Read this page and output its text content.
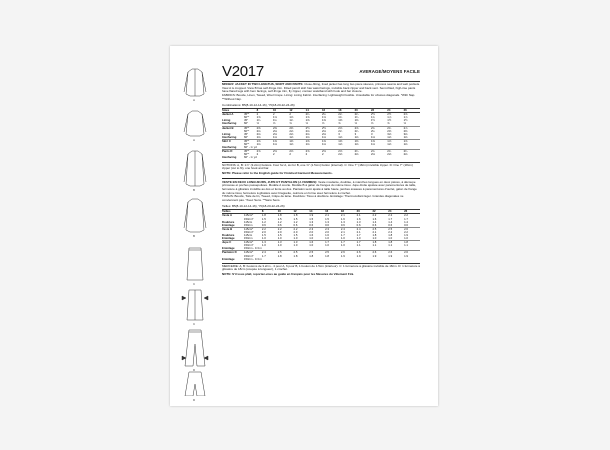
A
A
B
B
C
C
D
D
V2017	AVERAGE/MOYENS FACILE

MISSES' JACKET IN TWO LENGTHS, SKIRT AND PANTS: Close-fitting, lined jacket has long two piece sleeves, princess seams and welt pockets. View A is cropped. View B has self-fringe trim. Fitted pencil skirt has waist facings, invisible back zipper and back vent. Semi-fitted, high-rise pants have flared legs with hem facings, self-fringe trim, fly zipper, contour waistband with hook and bar closure.

FABRICS: Boucle, Linen, Tweed, Wool Crepe. Lining: Lining Fabric. Interfacing: Lightweight Fusible. Unsuitable for obvious diagonals. *With Nap. **Without Nap.

Combinations: B5(8-10-12-14-16), Y5(18-20-22-24-26)
Sizes		8	10	12	14	16	18	20	22	24	26
Jacket A	45"*	2	2	2	2¼	2¼	2¼	2¼	2½	2½	2⅝
	60"*	1⅝	1⅝	1⅝	1⅝	1⅝	1¾	1¾	1¾	1⅞	1⅞
Lining	45"	1¼	1¼	1¼	1⅜	1⅜	1⅜	1⅜	1½	1½	1½
Interfacing	60"	⅝	⅝	⅝	⅝	⅝	⅝	⅝	⅝	⅝	⅝
Jacket B	45"*	2⅜	2⅜	2⅜	2½	2½	2⅝	2⅝	2¾	2¾	2⅞
	60"*	2⅛	2⅛	2⅛	2⅛	2⅛	2¼	2¼	2¼	2⅜	2⅜
Lining	45"	2⅛	2⅛	2⅛	2⅛	2⅛	3	3	3	3⅛	3⅛
Interfacing	60"	1⅛	1⅛	1⅛	1⅛	1⅛	1⅛	1⅛	1⅛	1⅛	1⅛
Skirt C	45"*	1⅜	1⅜	1⅜	1⅜	1⅜	1⅜	1⅜	1⅜	1⅝	1⅝
	60"*	1⅛	1⅛	1⅛	1⅛	1⅛	1⅛	1⅛	1⅛	1⅛	1⅛
Interfacing	60" - ¼ yd										
Pants D	45"*	2⅝	2⅝	2⅝	2⅝	2⅝	2⅝	2¾	2¾	2¾	2¾
	60"*	2	2	2	2	2	2⅛	2⅛	2⅛	2⅛	2⅛
Interfacing	60" - ¼ yd										

NOTIONS: A, B: 1⅞" (3.2cm) buttons. Four for A, six for B, one ⅝" (1.5cm) button (internal). C: One 7" (18cm) invisible zipper. D: One 7" (18cm) zipper (cut to fit), one hook and bar.

NOTE: Please refer to the English guide for Finished Garment Measurements.

VESTE EN DEUX LONGUEURS, JUPE ET PANTALON (J. FEMMES): Veste moulante, doublée, à manches longues en deux pièces, à découpe princesse et poches passepoilées. Modèle A courte. Modèle B à galon de franges du même tissu. Jupe droite ajustée avec parementures de taille, fermeture à glissière invisible au dos et fente au dos. Pantalon semi ajusté à taille haute, jambes évasées à parementures d'ourlet, galon de frange du même tissu, fermeture à glissière avec braguette, ceinture en forme avec fermeture à crochet.

TISSUS: Bouclé, Toile de lin, Tweed, Crêpe de laine. Doublure: Tissu à doublure. Entoilage: Thermocollant léger. Grandes diagonales ne conviennent pas. *Avec Sens. **Sans Sens.

Tailles: B5(8-10-12-14-16), Y5(18-20-22-24-26)
Tailles		8	10	12	14	16	18	20	22	24	26
Veste A	115cm*	1.8	1.8	1.8	1.9	2.1	2.1	2.1	2.2	2.2	2.2
	150cm*	1.5	1.5	1.5	1.5	1.5	1.6	1.6	1.6	1.7	1.7
Doublure	115cm	1.2	1.2	1.2	1.3	1.3	1.3	1.3	1.4	1.4	1.4
Entoilage	150cm	0.6	0.6	0.6	0.6	0.6	0.6	0.6	0.6	0.6	0.6
Veste B	115cm*	2.2	2.2	2.2	2.3	2.3	2.4	2.4	2.5	2.5	2.6
	150cm*	2.0	2.0	2.0	2.0	2.0	2.1	2.1	2.1	2.2	2.2
Doublure	115cm	1.5	1.5	1.5	1.6	1.6	1.7	1.7	1.8	1.8	1.9
Entoilage	150cm	1.0	1.0	1.0	1.0	1.0	1.0	1.0	1.0	1.0	1.0
Jupe C	115cm*	1.3	1.3	1.3	1.6	1.7	1.7	1.7	1.8	1.8	1.8
	150cm*	1.0	1.0	1.0	1.0	1.0	1.0	1.1	1.1	1.1	1.1
Entoilage	150cm - 0.3 m										
Pantalon D	115cm*	2.4	2.5	2.5	2.5	2.5	2.6	2.6	2.6	2.6	2.6
	150cm*	1.7	1.8	1.8	1.8	1.8	1.9	1.9	1.9	1.9	1.9
Entoilage	150cm - 0.3 m										

MERCERIE: A, B: boutons de 3.2cm - 4 pour A, 6 pour B, 1 bouton de 1.5cm (intérieur). C: 1 fermeture à glissière invisible de 18cm. D: 1 fermeture à glissière de 18cm (coupée à longueur), 1 crochet.

NOTE: S'il vous plaît, reportez-vous au guide en français pour les Mesures du Vêtement Fini.
